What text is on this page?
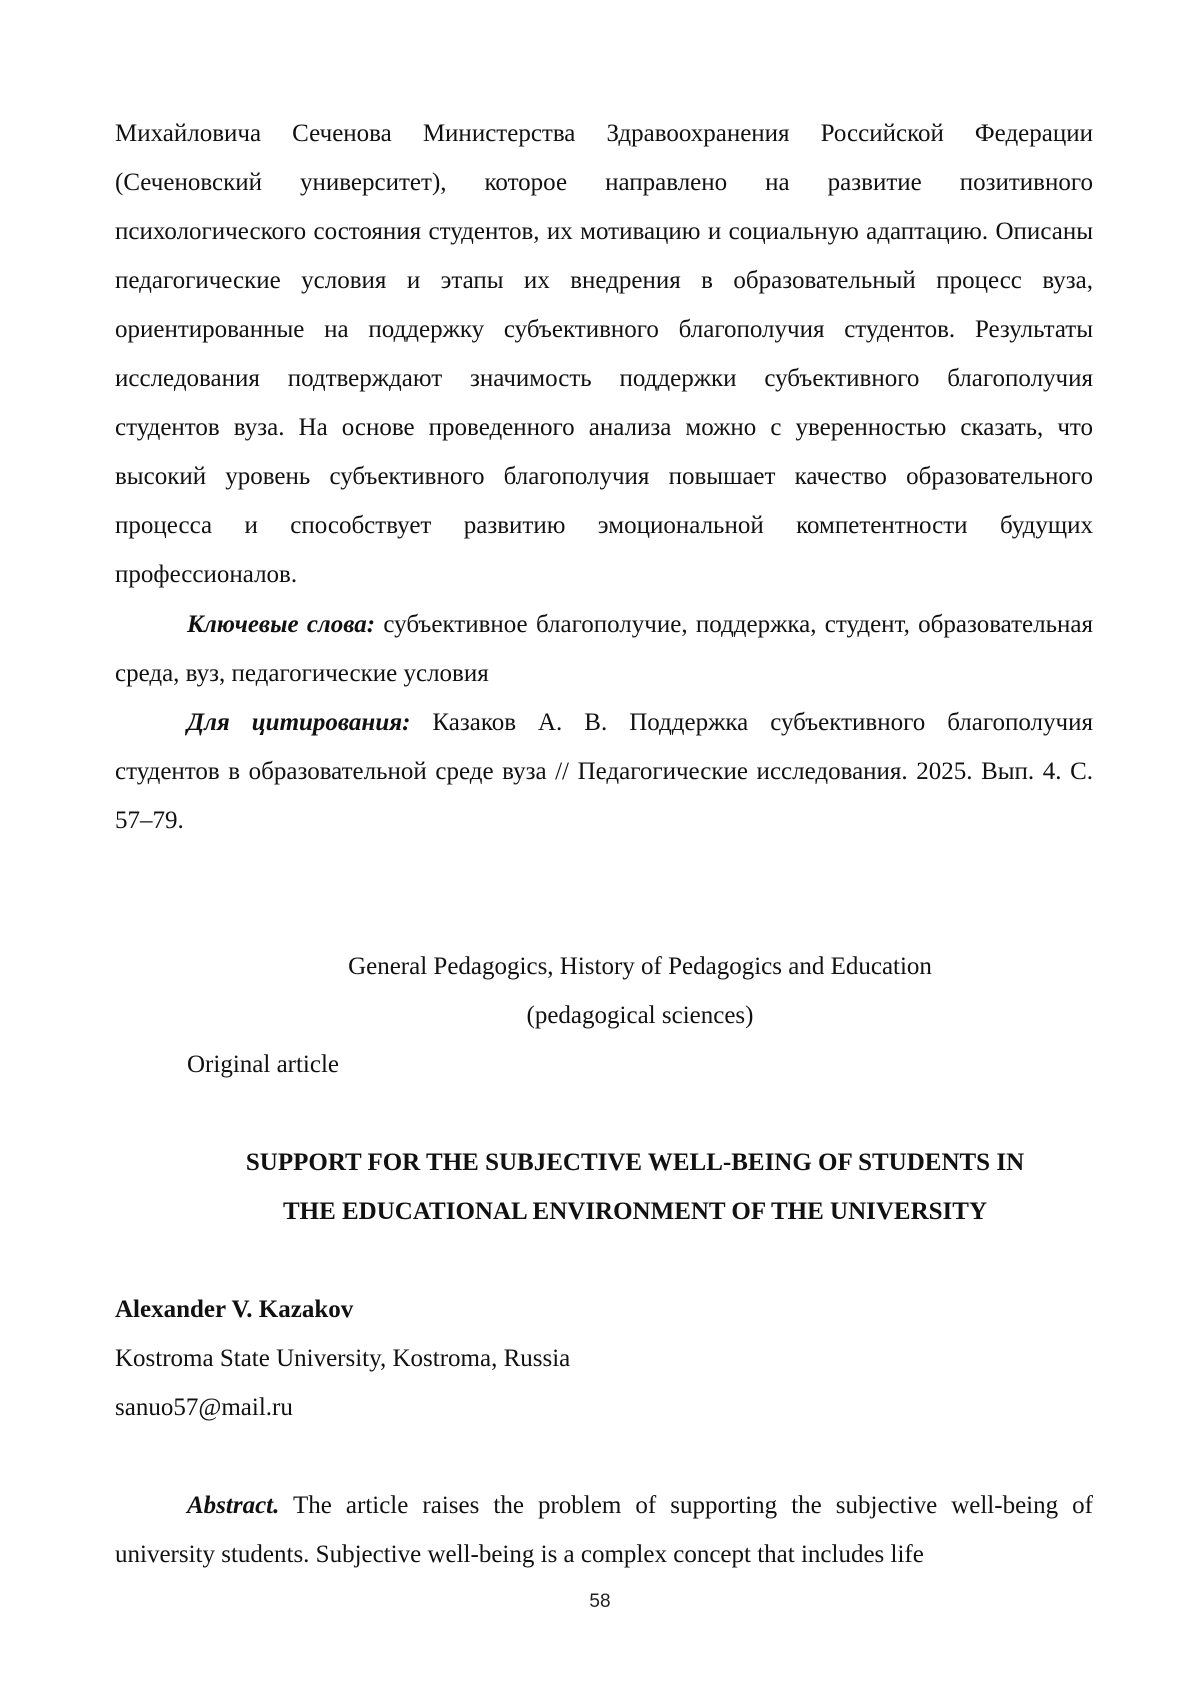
Михайловича Сеченова Министерства Здравоохранения Российской Федерации (Сеченовский университет), которое направлено на развитие позитивного психологического состояния студентов, их мотивацию и социальную адаптацию. Описаны педагогические условия и этапы их внедрения в образовательный процесс вуза, ориентированные на поддержку субъективного благополучия студентов. Результаты исследования подтверждают значимость поддержки субъективного благополучия студентов вуза. На основе проведенного анализа можно с уверенностью сказать, что высокий уровень субъективного благополучия повышает качество образовательного процесса и способствует развитию эмоциональной компетентности будущих профессионалов.

Ключевые слова: субъективное благополучие, поддержка, студент, образовательная среда, вуз, педагогические условия

Для цитирования: Казаков А. В. Поддержка субъективного благополучия студентов в образовательной среде вуза // Педагогические исследования. 2025. Вып. 4. С. 57–79.

General Pedagogics, History of Pedagogics and Education

(pedagogical sciences)

Original article

SUPPORT FOR THE SUBJECTIVE WELL-BEING OF STUDENTS IN
THE EDUCATIONAL ENVIRONMENT OF THE UNIVERSITY

Alexander V. Kazakov

Kostroma State University, Kostroma, Russia

sanuo57@mail.ru

Abstract. The article raises the problem of supporting the subjective well-being of university students. Subjective well-being is a complex concept that includes life

58
